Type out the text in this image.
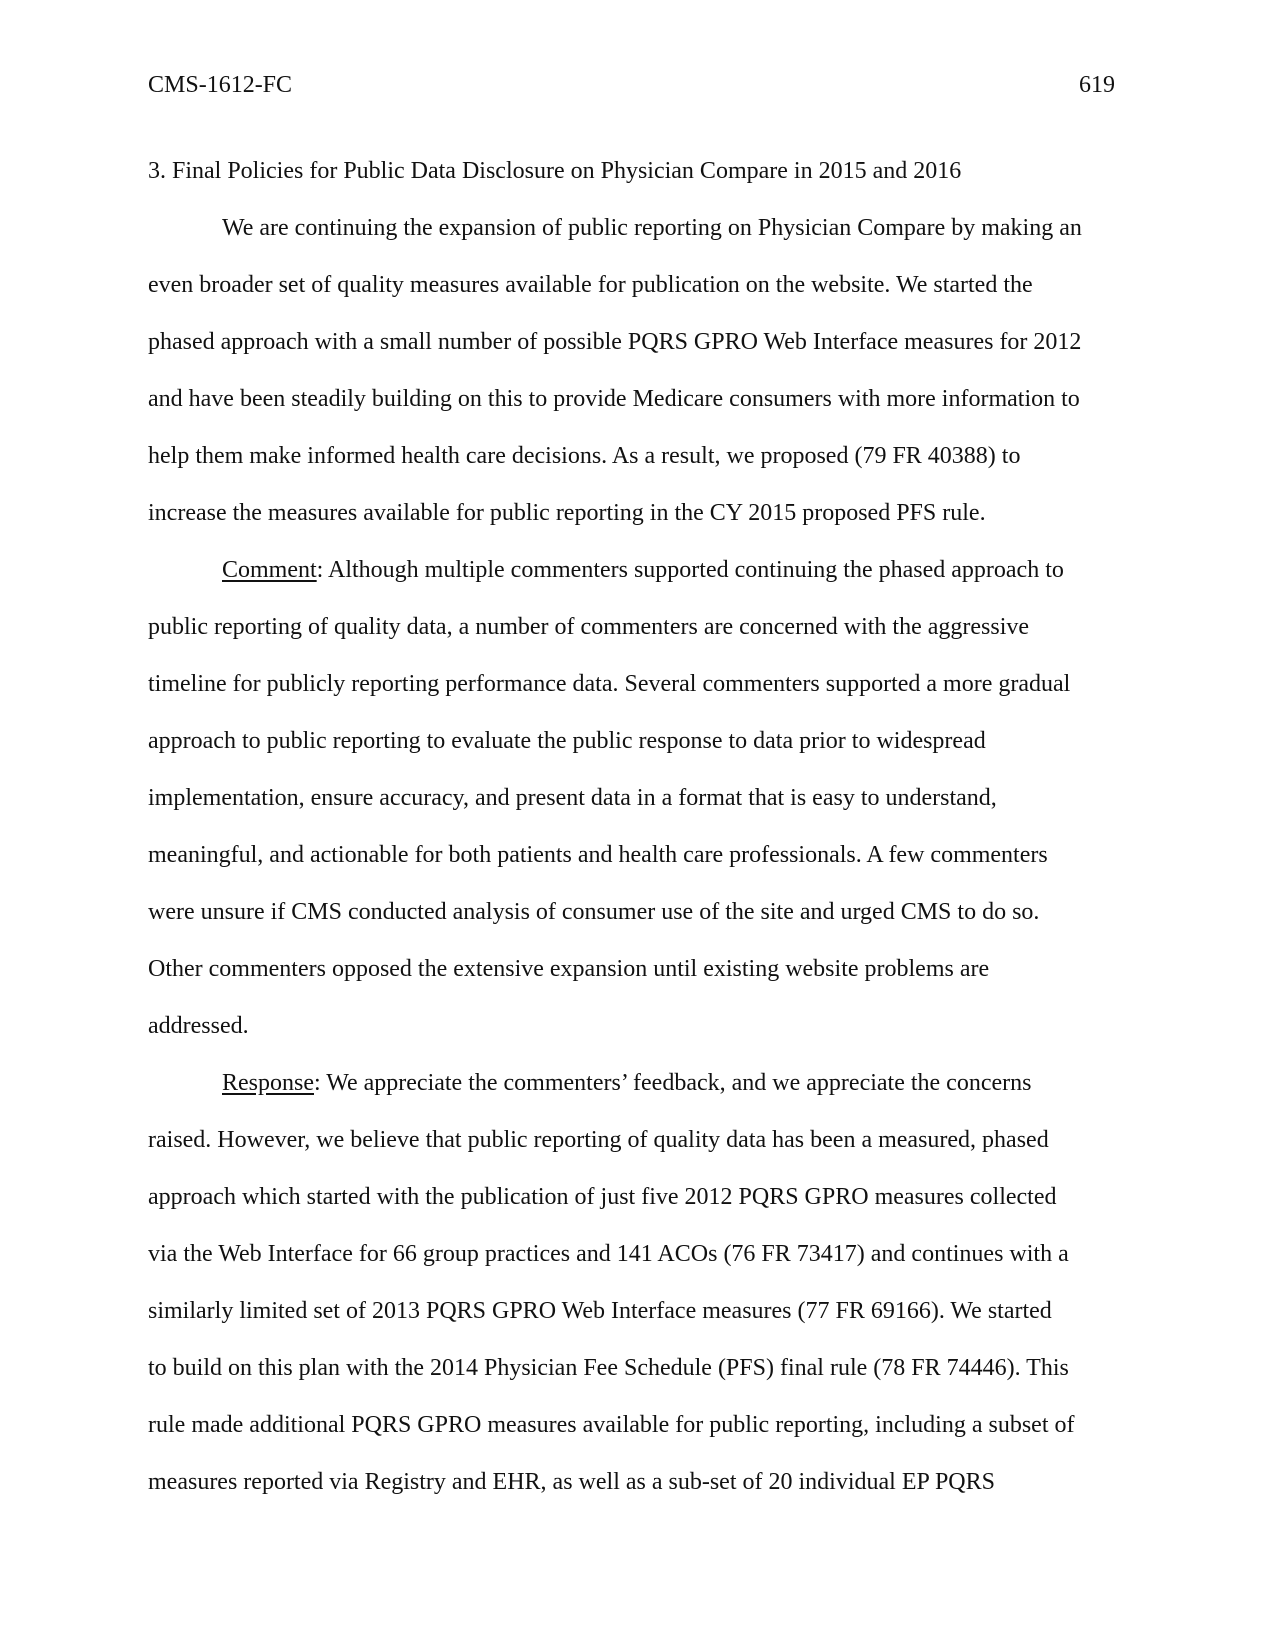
CMS-1612-FC	619
3. Final Policies for Public Data Disclosure on Physician Compare in 2015 and 2016
We are continuing the expansion of public reporting on Physician Compare by making an
even broader set of quality measures available for publication on the website. We started the
phased approach with a small number of possible PQRS GPRO Web Interface measures for 2012
and have been steadily building on this to provide Medicare consumers with more information to
help them make informed health care decisions. As a result, we proposed (79 FR 40388) to
increase the measures available for public reporting in the CY 2015 proposed PFS rule.
Comment: Although multiple commenters supported continuing the phased approach to
public reporting of quality data, a number of commenters are concerned with the aggressive
timeline for publicly reporting performance data. Several commenters supported a more gradual
approach to public reporting to evaluate the public response to data prior to widespread
implementation, ensure accuracy, and present data in a format that is easy to understand,
meaningful, and actionable for both patients and health care professionals. A few commenters
were unsure if CMS conducted analysis of consumer use of the site and urged CMS to do so.
Other commenters opposed the extensive expansion until existing website problems are
addressed.
Response: We appreciate the commenters’ feedback, and we appreciate the concerns
raised. However, we believe that public reporting of quality data has been a measured, phased
approach which started with the publication of just five 2012 PQRS GPRO measures collected
via the Web Interface for 66 group practices and 141 ACOs (76 FR 73417) and continues with a
similarly limited set of 2013 PQRS GPRO Web Interface measures (77 FR 69166). We started
to build on this plan with the 2014 Physician Fee Schedule (PFS) final rule (78 FR 74446). This
rule made additional PQRS GPRO measures available for public reporting, including a subset of
measures reported via Registry and EHR, as well as a sub-set of 20 individual EP PQRS
